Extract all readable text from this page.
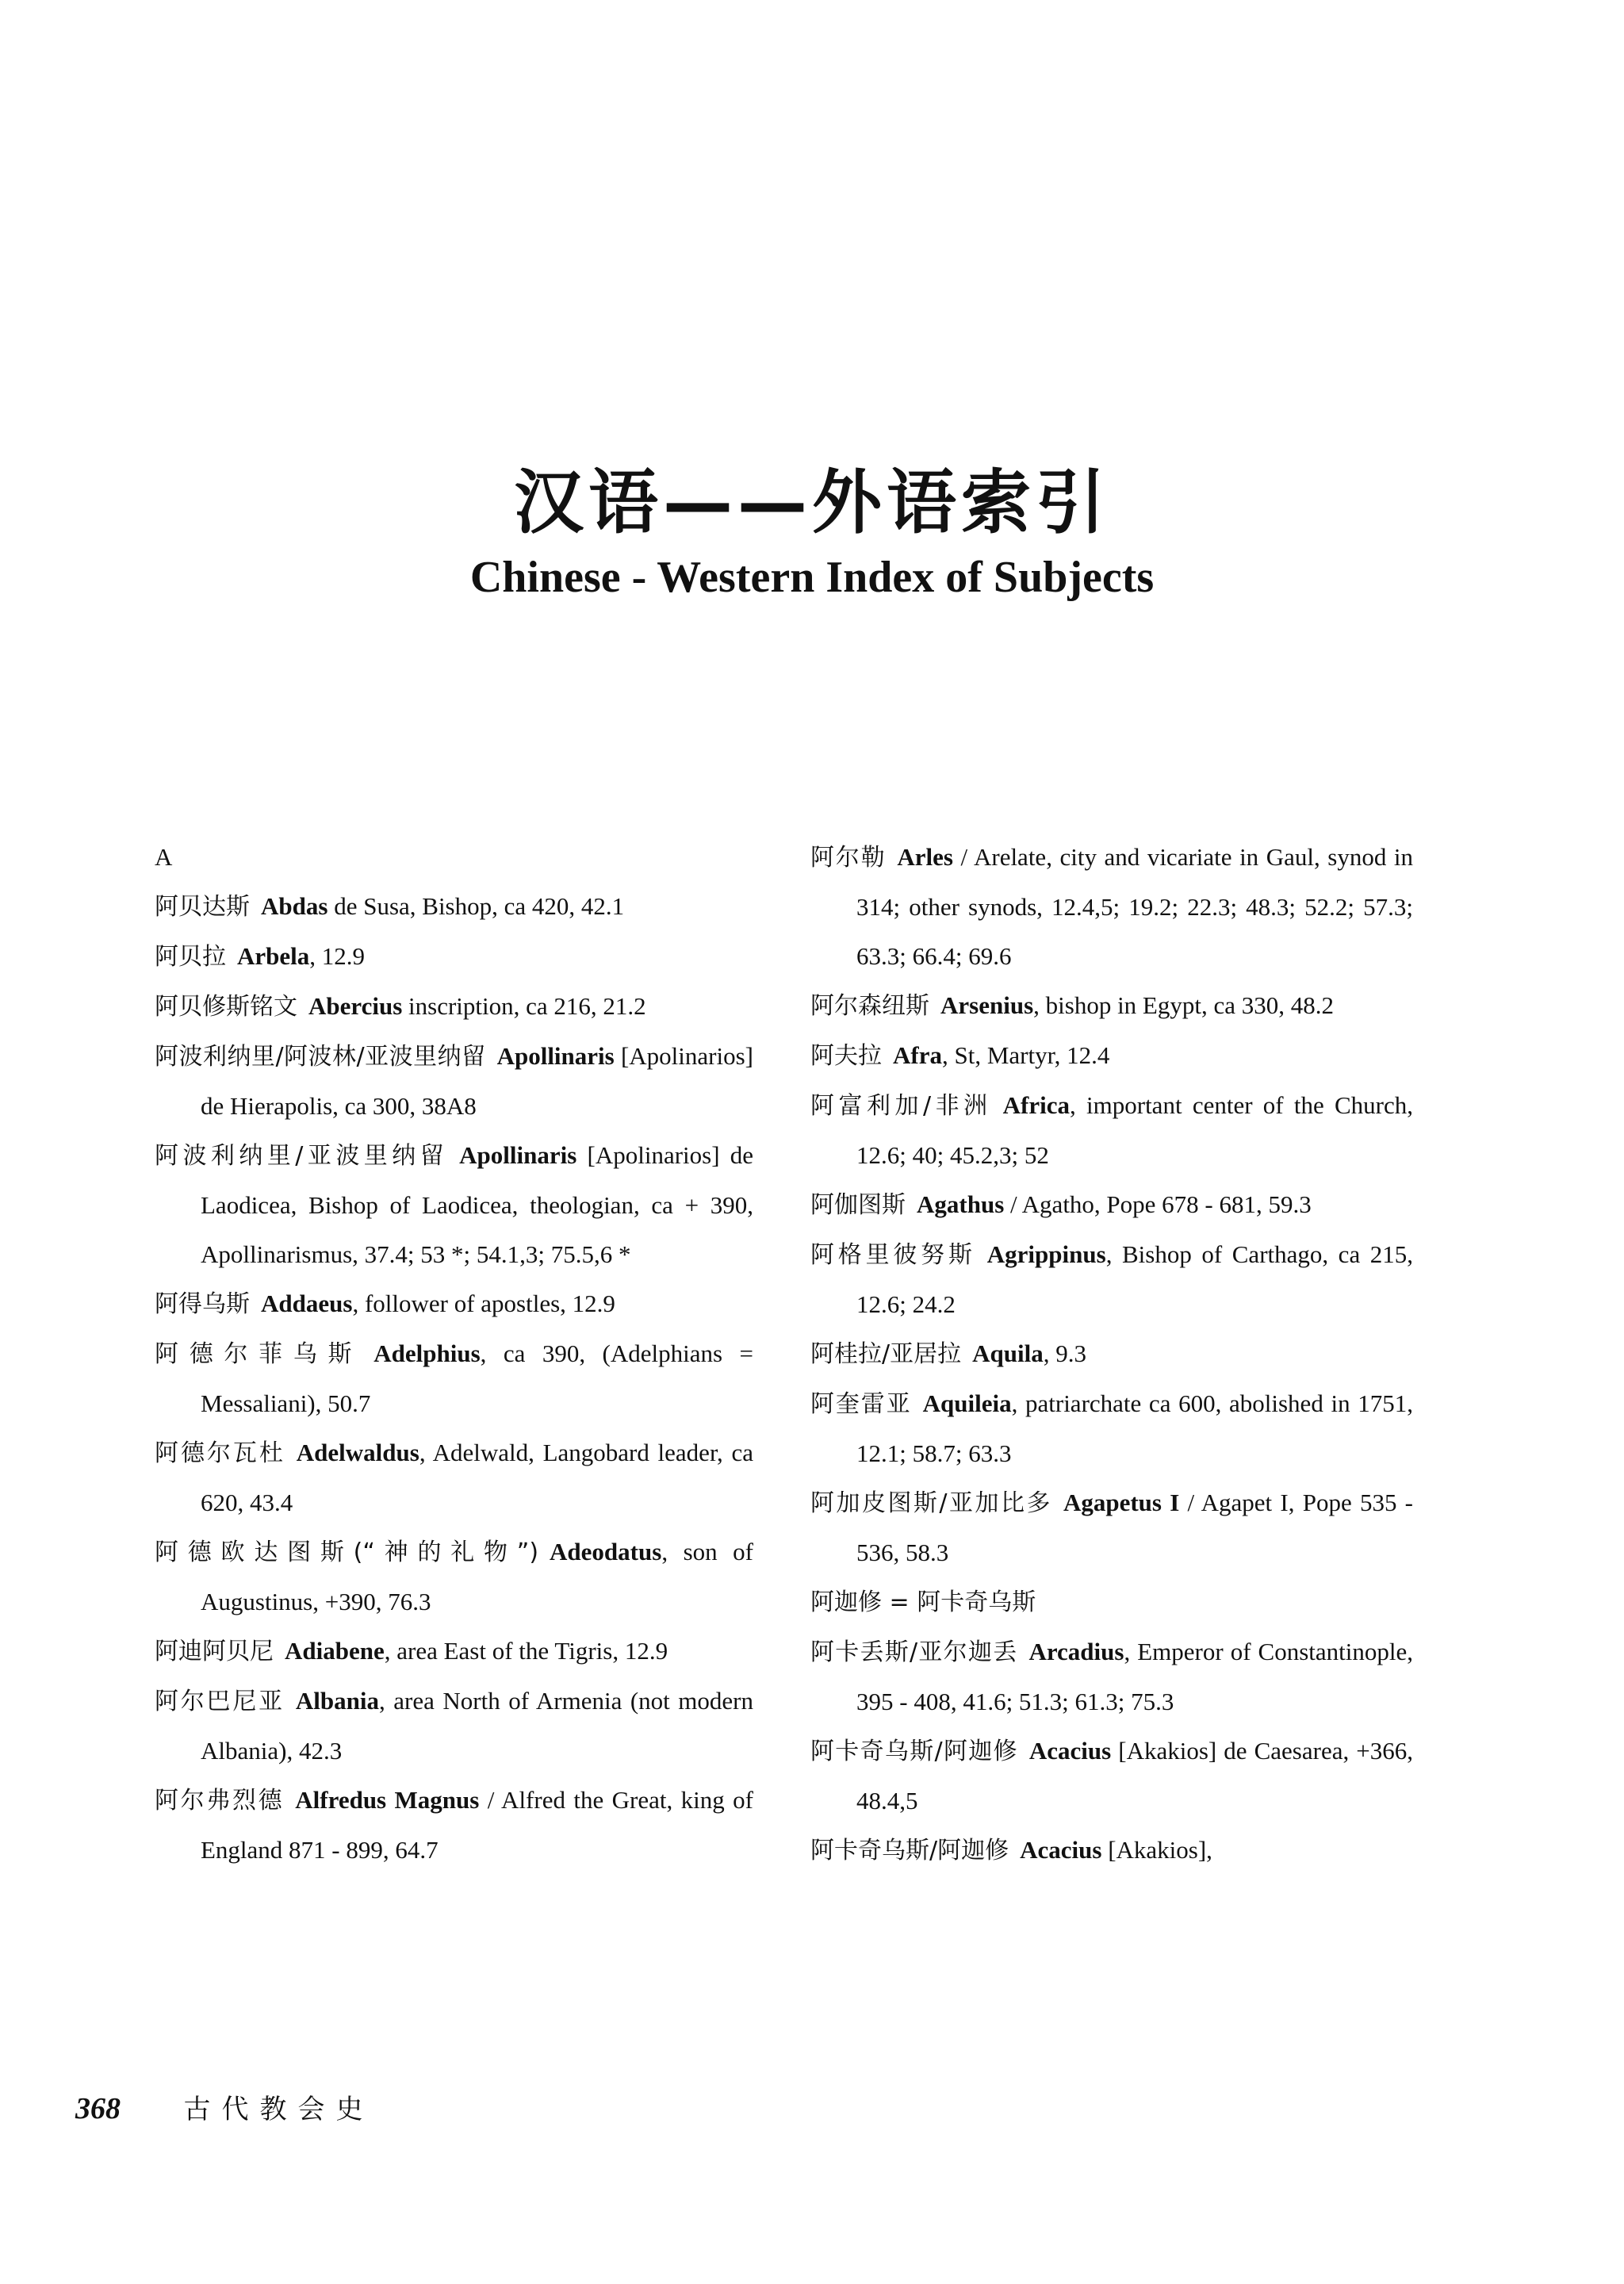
汉语——外语索引
Chinese - Western Index of Subjects
A

阿贝达斯 Abdas de Susa, Bishop, ca 420, 42.1

阿贝拉 Arbela, 12.9

阿贝修斯铭文 Abercius inscription, ca 216, 21.2

阿波利纳里/阿波林/亚波里纳留 Apollinaris [Apolinarios] de Hierapolis, ca 300, 38A8

阿波利纳里/亚波里纳留 Apollinaris [Apolinarios] de Laodicea, Bishop of Laodicea, theologian, ca + 390, Apollinarismus, 37.4; 53 *; 54.1,3; 75.5,6 *

阿得乌斯 Addaeus, follower of apostles, 12.9

阿德尔菲乌斯 Adelphius, ca 390, (Adelphians = Messaliani), 50.7

阿德尔瓦杜 Adelwaldus, Adelwald, Langobard leader, ca 620, 43.4

阿德欧达图斯(“神的礼物”) Adeodatus, son of Augustinus, +390, 76.3

阿迪阿贝尼 Adiabene, area East of the Tigris, 12.9

阿尔巴尼亚 Albania, area North of Armenia (not modern Albania), 42.3

阿尔弗烈德 Alfredus Magnus / Alfred the Great, king of England 871 - 899, 64.7

阿尔勒 Arles / Arelate, city and vicariate in Gaul, synod in 314; other synods, 12.4,5; 19.2; 22.3; 48.3; 52.2; 57.3; 63.3; 66.4; 69.6

阿尔森纽斯 Arsenius, bishop in Egypt, ca 330, 48.2

阿夫拉 Afra, St, Martyr, 12.4

阿富利加/非洲 Africa, important center of the Church, 12.6; 40; 45.2,3; 52

阿伽图斯 Agathus / Agatho, Pope 678 - 681, 59.3

阿格里彼努斯 Agrippinus, Bishop of Carthago, ca 215, 12.6; 24.2

阿桂拉/亚居拉 Aquila, 9.3

阿奎雷亚 Aquileia, patriarchate ca 600, abolished in 1751, 12.1; 58.7; 63.3

阿加皮图斯/亚加比多 Agapetus I / Agapet I, Pope 535 - 536, 58.3

阿迦修 = 阿卡奇乌斯

阿卡丢斯/亚尔迦丢 Arcadius, Emperor of Constantinople, 395 - 408, 41.6; 51.3; 61.3; 75.3

阿卡奇乌斯/阿迦修 Acacius [Akakios] de Caesarea, +366, 48.4,5

阿卡奇乌斯/阿迦修 Acacius [Akakios],

368 古代教会史
